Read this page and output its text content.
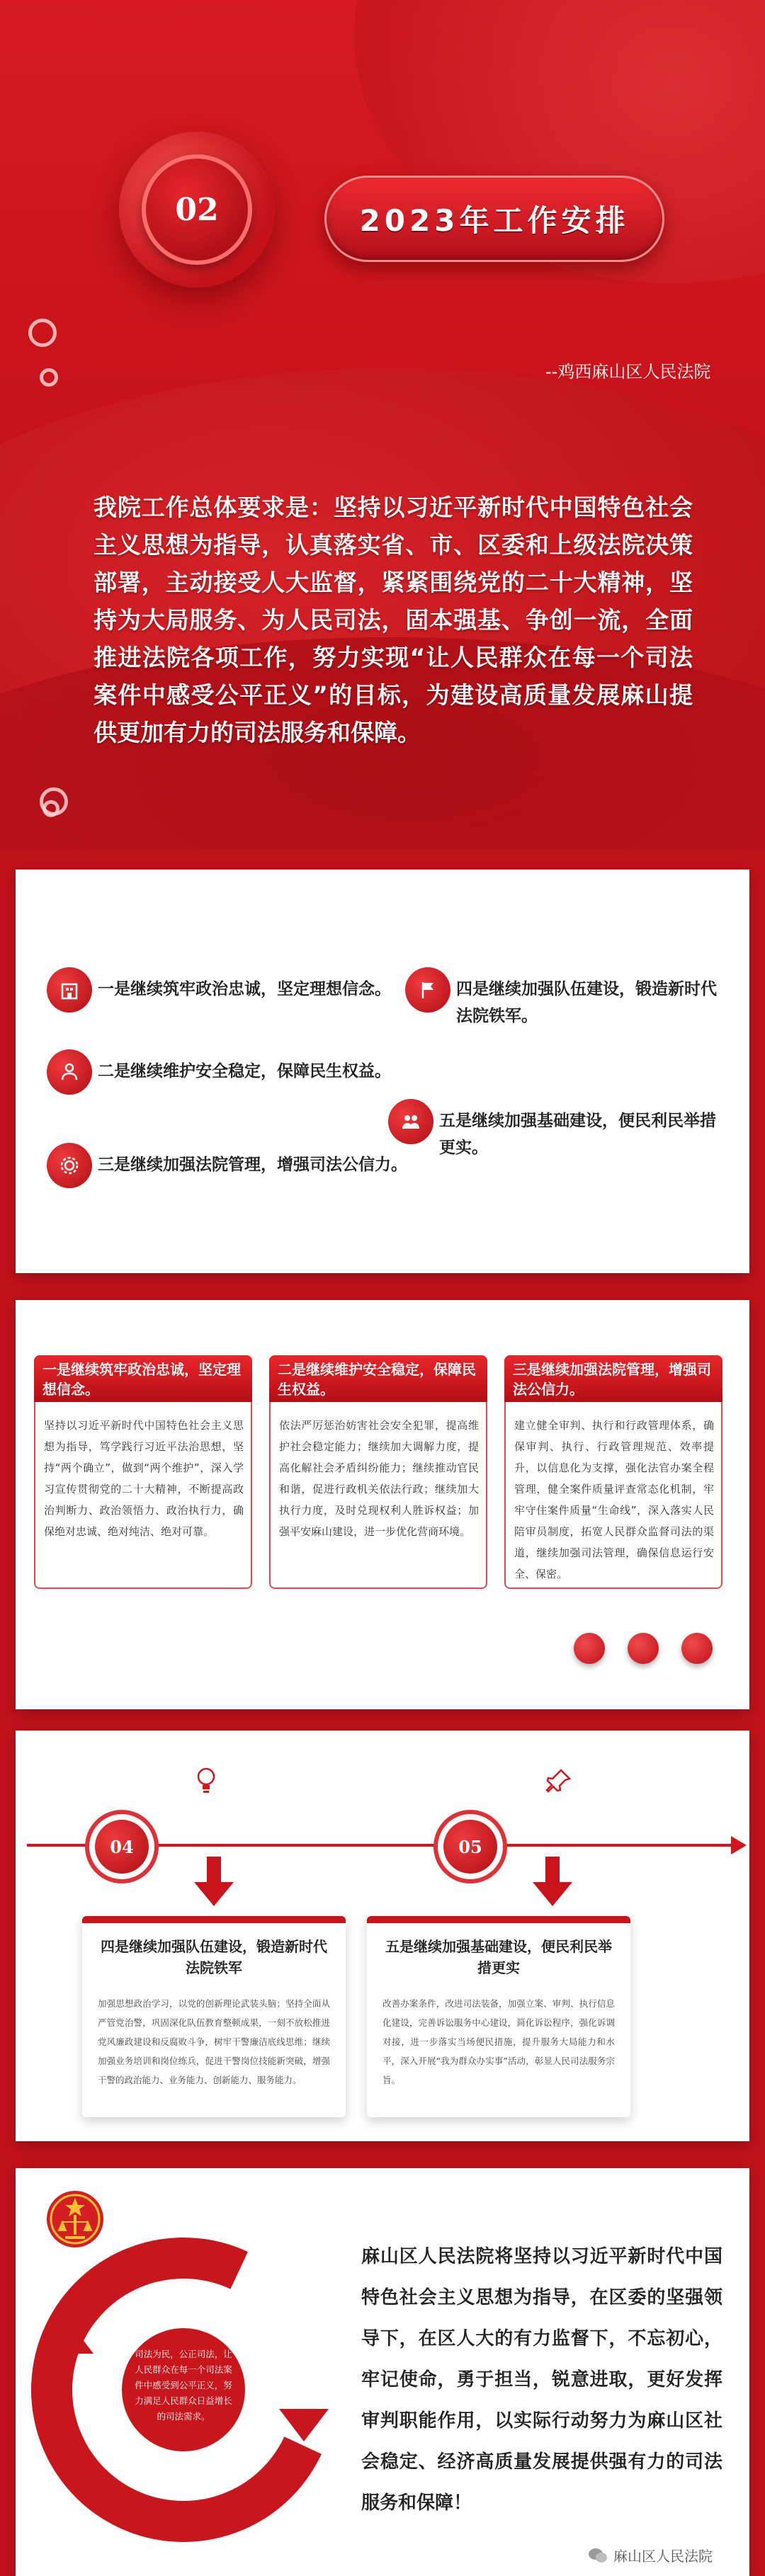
02	2023年工作安排
--鸡西麻山区人民法院
我院工作总体要求是：坚持以习近平新时代中国特色社会主义思想为指导，认真落实省、市、区委和上级法院决策部署，主动接受人大监督，紧紧围绕党的二十大精神，坚持为大局服务、为人民司法，固本强基、争创一流，全面推进法院各项工作，努力实现“让人民群众在每一个司法案件中感受公平正义”的目标，为建设高质量发展麻山提供更加有力的司法服务和保障。
一是继续筑牢政治忠诚，坚定理想信念。
二是继续维护安全稳定，保障民生权益。
三是继续加强法院管理，增强司法公信力。
四是继续加强队伍建设，锻造新时代法院铁军。
五是继续加强基础建设，便民利民举措更实。
一是继续筑牢政治忠诚，坚定理想信念。
坚持以习近平新时代中国特色社会主义思想为指导，笃学践行习近平法治思想，坚持“两个确立”，做到“两个维护”，深入学习宣传贯彻党的二十大精神，不断提高政治判断力、政治领悟力、政治执行力，确保绝对忠诚、绝对纯洁、绝对可靠。
二是继续维护安全稳定，保障民生权益。
依法严厉惩治妨害社会安全犯罪，提高维护社会稳定能力；继续加大调解力度，提高化解社会矛盾纠纷能力；继续推动官民和谐，促进行政机关依法行政；继续加大执行力度，及时兑现权利人胜诉权益；加强平安麻山建设，进一步优化营商环境。
三是继续加强法院管理，增强司法公信力。
建立健全审判、执行和行政管理体系，确保审判、执行、行政管理规范、效率提升，以信息化为支撑，强化法官办案全程管理，健全案件质量评查常态化机制，牢牢守住案件质量“生命线”，深入落实人民陪审员制度，拓宽人民群众监督司法的渠道，继续加强司法管理，确保信息运行安全、保密。
04
四是继续加强队伍建设，锻造新时代法院铁军
加强思想政治学习，以党的创新理论武装头脑；坚持全面从严管党治警，巩固深化队伍教育整顿成果，一刻不放松推进党风廉政建设和反腐败斗争，树牢干警廉洁底线思维；继续加强业务培训和岗位练兵，促进干警岗位技能新突破，增强干警的政治能力、业务能力、创新能力、服务能力。
05
五是继续加强基础建设，便民利民举措更实
改善办案条件，改进司法装备，加强立案、审判、执行信息化建设，完善诉讼服务中心建设，简化诉讼程序，强化诉调对接，进一步落实当场便民措施，提升服务大局能力和水平，深入开展“我为群众办实事”活动，彰显人民司法服务宗旨。
司法为民，公正司法，让人民群众在每一个司法案件中感受到公平正义，努力满足人民群众日益增长的司法需求。
麻山区人民法院将坚持以习近平新时代中国特色社会主义思想为指导，在区委的坚强领导下，在区人大的有力监督下，不忘初心，牢记使命，勇于担当，锐意进取，更好发挥审判职能作用，以实际行动努力为麻山区社会稳定、经济高质量发展提供强有力的司法服务和保障！
麻山区人民法院
